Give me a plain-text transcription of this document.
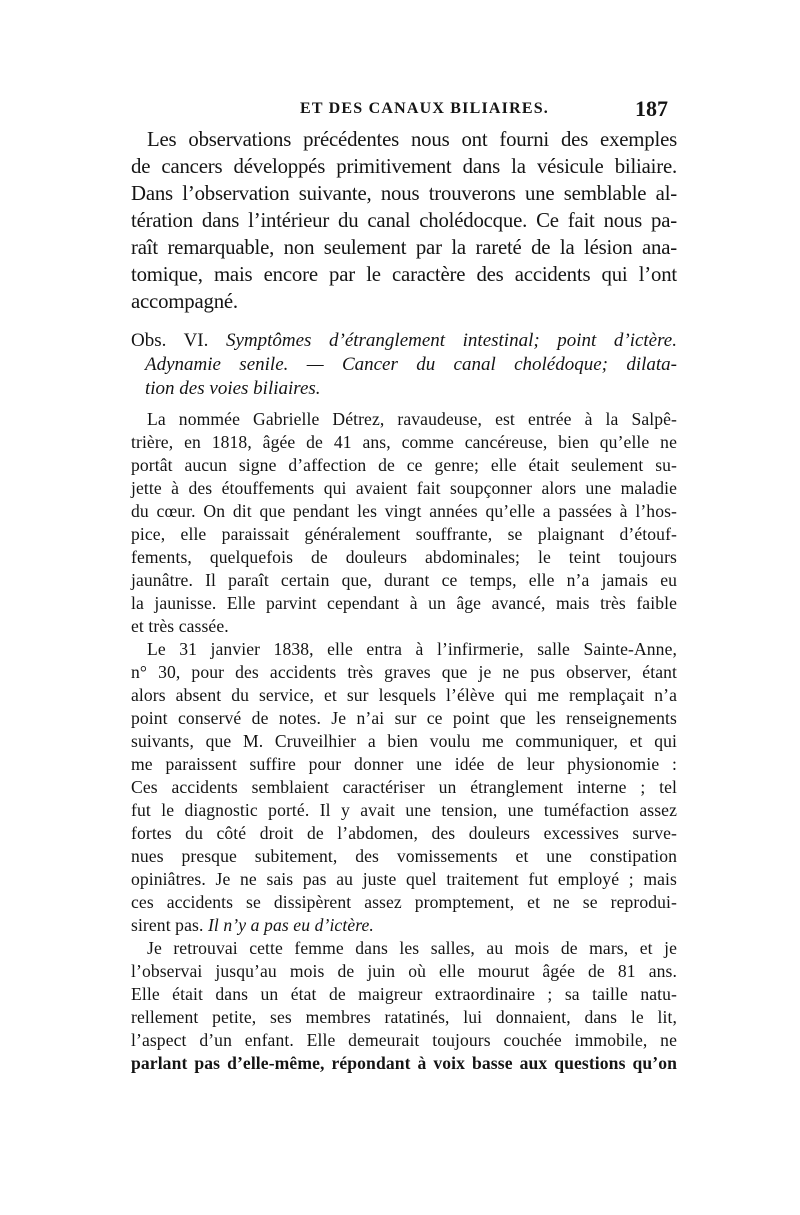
ET DES CANAUX BILIAIRES.	187
Les observations précédentes nous ont fourni des exemples
de cancers développés primitivement dans la vésicule biliaire.
Dans l’observation suivante, nous trouverons une semblable al-
tération dans l’intérieur du canal cholédocque. Ce fait nous pa-
raît remarquable, non seulement par la rareté de la lésion ana-
tomique, mais encore par le caractère des accidents qui l’ont
accompagné.
Obs. VI. Symptômes d’étranglement intestinal; point d’ictère.
Adynamie senile. — Cancer du canal cholédoque; dilata-
tion des voies biliaires.
La nommée Gabrielle Détrez, ravaudeuse, est entrée à la Salpê-
trière, en 1818, âgée de 41 ans, comme cancéreuse, bien qu’elle ne
portât aucun signe d’affection de ce genre; elle était seulement su-
jette à des étouffements qui avaient fait soupçonner alors une maladie
du cœur. On dit que pendant les vingt années qu’elle a passées à l’hos-
pice, elle paraissait généralement souffrante, se plaignant d’étouf-
fements, quelquefois de douleurs abdominales; le teint toujours
jaunâtre. Il paraît certain que, durant ce temps, elle n’a jamais eu
la jaunisse. Elle parvint cependant à un âge avancé, mais très faible
et très cassée.
Le 31 janvier 1838, elle entra à l’infirmerie, salle Sainte-Anne,
n° 30, pour des accidents très graves que je ne pus observer, étant
alors absent du service, et sur lesquels l’élève qui me remplaçait n’a
point conservé de notes. Je n’ai sur ce point que les renseignements
suivants, que M. Cruveilhier a bien voulu me communiquer, et qui
me paraissent suffire pour donner une idée de leur physionomie :
Ces accidents semblaient caractériser un étranglement interne ; tel
fut le diagnostic porté. Il y avait une tension, une tuméfaction assez
fortes du côté droit de l’abdomen, des douleurs excessives surve-
nues presque subitement, des vomissements et une constipation
opiniâtres. Je ne sais pas au juste quel traitement fut employé ; mais
ces accidents se dissipèrent assez promptement, et ne se reprodui-
sirent pas. Il n’y a pas eu d’ictère.
Je retrouvai cette femme dans les salles, au mois de mars, et je
l’observai jusqu’au mois de juin où elle mourut âgée de 81 ans.
Elle était dans un état de maigreur extraordinaire ; sa taille natu-
rellement petite, ses membres ratatinés, lui donnaient, dans le lit,
l’aspect d’un enfant. Elle demeurait toujours couchée immobile, ne
parlant pas d’elle-même, répondant à voix basse aux questions qu’on
